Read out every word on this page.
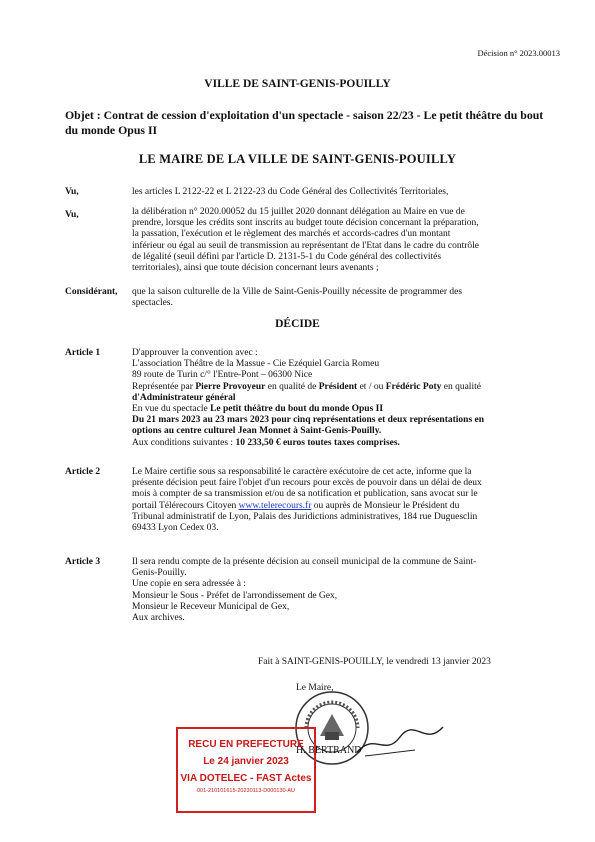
Décision n° 2023.00013
VILLE DE SAINT-GENIS-POUILLY
Objet : Contrat de cession d'exploitation d'un spectacle - saison 22/23 - Le petit théâtre du bout du monde Opus II
LE MAIRE DE LA VILLE DE SAINT-GENIS-POUILLY
Vu,	les articles L 2122-22 et L 2122-23 du Code Général des Collectivités Territoriales,
Vu,	la délibération n° 2020.00052 du 15 juillet 2020 donnant délégation au Maire en vue de
prendre, lorsque les crédits sont inscrits au budget toute décision concernant la préparation,
la passation, l'exécution et le règlement des marchés et accords-cadres d'un montant
inférieur ou égal au seuil de transmission au représentant de l'Etat dans le cadre du contrôle
de légalité (seuil défini par l'article D. 2131-5-1 du Code général des collectivités
territoriales), ainsi que toute décision concernant leurs avenants ;
Considérant, que la saison culturelle de la Ville de Saint-Genis-Pouilly nécessite de programmer des
spectacles.
DÉCIDE
Article 1	D'approuver la convention avec :
L'association Théâtre de la Massue - Cie Ezéquiel Garcia Romeu
89 route de Turin c/° l'Entre-Pont – 06300 Nice
Représentée par Pierre Provoyeur en qualité de Président et / ou Frédéric Poty en qualité
d'Administrateur général
En vue du spectacle Le petit théâtre du bout du monde Opus II
Du 21 mars 2023 au 23 mars 2023 pour cinq représentations et deux représentations en
options au centre culturel Jean Monnet à Saint-Genis-Pouilly.
Aux conditions suivantes : 10 233,50 € euros toutes taxes comprises.
Article 2	Le Maire certifie sous sa responsabilité le caractère exécutoire de cet acte, informe que la
présente décision peut faire l'objet d'un recours pour excès de pouvoir dans un délai de deux
mois à compter de sa transmission et/ou de sa notification et publication, sans avocat sur le
portail Télérecours Citoyen www.telerecours.fr ou auprès de Monsieur le Président du
Tribunal administratif de Lyon, Palais des Juridictions administratives, 184 rue Duguesclin
69433 Lyon Cedex 03.
Article 3	Il sera rendu compte de la présente décision au conseil municipal de la commune de Saint-
Genis-Pouilly.
Une copie en sera adressée à :
Monsieur le Sous - Préfet de l'arrondissement de Gex,
Monsieur le Receveur Municipal de Gex,
Aux archives.
Fait à SAINT-GENIS-POUILLY, le vendredi 13 janvier 2023
Le Maire,
H. BERTRAND
RECU EN PREFECTURE
Le 24 janvier 2023
VIA DOTELEC - FAST Actes
001-210101615-20230113-D000130-AU
